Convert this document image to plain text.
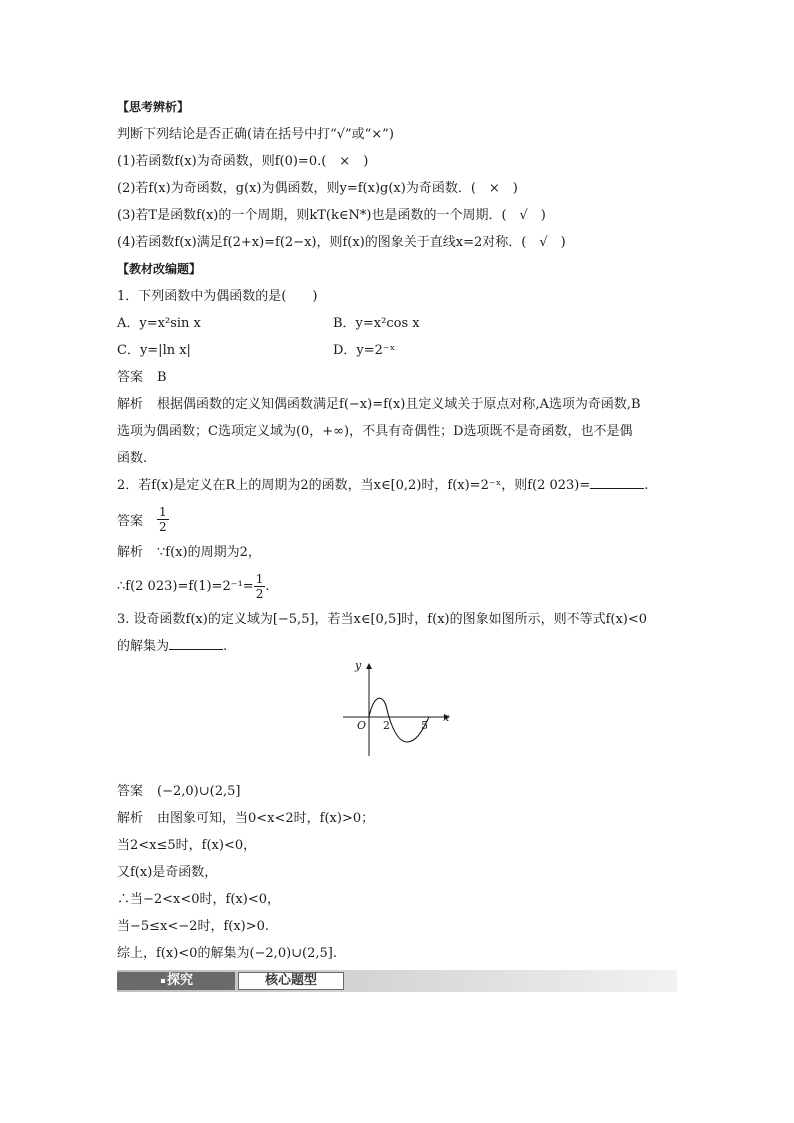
【思考辨析】
判断下列结论是否正确(请在括号中打“√”或“×”)
(1)若函数f(x)为奇函数，则f(0)=0.(　×　)
(2)若f(x)为奇函数，g(x)为偶函数，则y=f(x)g(x)为奇函数．(　×　)
(3)若T是函数f(x)的一个周期，则kT(k∈N*)也是函数的一个周期．(　√　)
(4)若函数f(x)满足f(2+x)=f(2−x)，则f(x)的图象关于直线x=2对称．(　√　)
【教材改编题】
1．下列函数中为偶函数的是(　　)
A．y=x²sin x	B．y=x²cos x
C．y=|ln x|	D．y=2⁻ˣ
答案 B
解析 根据偶函数的定义知偶函数满足f(−x)=f(x)且定义域关于原点对称,A选项为奇函数,B
选项为偶函数；C选项定义域为(0，+∞)，不具有奇偶性；D选项既不是奇函数，也不是偶
函数.
2．若f(x)是定义在R上的周期为2的函数，当x∈[0,2)时，f(x)=2⁻ˣ，则f(2 023)=	.
答案 $\frac{1}{2}$
解析 ∵f(x)的周期为2，
∴f(2 $023)=f(1)=2^{-1}= \frac{1}{2}$ .
3. 设奇函数f(x)的定义域为[−5,5]，若当x∈[0,5]时，f(x)的图象如图所示，则不等式f(x)<0
的解集为	.
y
x
O 2	5
答案 (−2,0)∪(2,5]
解析 由图象可知，当0<x<2时，f(x)>0；
当2<x≤5时，f(x)<0，
又f(x)是奇函数，
∴当−2<x<0时，f(x)<0，
当−5≤x<−2时，f(x)>0.
综上，f(x)<0的解集为(−2,0)∪(2,5].
探究	核心题型
